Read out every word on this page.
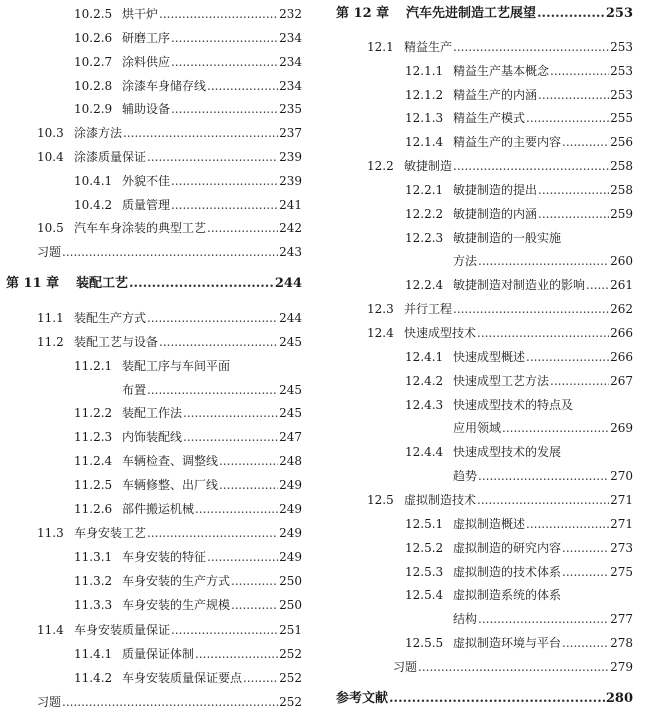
10.2.5 烘干炉 .....	232
10.2.6 研磨工序 .....	234
10.2.7 涂料供应 .....	234
10.2.8 涂漆车身储存线 .....	234
10.2.9 辅助设备 .....	235
10.3 涂漆方法 .....	237
10.4 涂漆质量保证 .....	239
10.4.1 外貌不佳 .....	239
10.4.2 质量管理 .....	241
10.5 汽车车身涂装的典型工艺 .....	242
习题 .....	243
第 11 章	装配工艺 .....	244
11.1 装配生产方式 .....	244
11.2 装配工艺与设备 .....	245
11.2.1 装配工序与车间平面
布置 .....	245
11.2.2 装配工作法 .....	245
11.2.3 内饰装配线 .....	247
11.2.4 车辆检查、调整线 .....	248
11.2.5 车辆修整、出厂线 .....	249
11.2.6 部件搬运机械 .....	249
11.3 车身安装工艺 .....	249
11.3.1 车身安装的特征 .....	249
11.3.2 车身安装的生产方式 .....	250
11.3.3 车身安装的生产规模 .....	250
11.4 车身安装质量保证 .....	251
11.4.1 质量保证体制 .....	252
11.4.2 车身安装质量保证要点 .....	252
习题 .....	252
第 12 章	汽车先进制造工艺展望 .....	253
12.1 精益生产 .....	253
12.1.1 精益生产基本概念 .....	253
12.1.2 精益生产的内涵 .....	253
12.1.3 精益生产模式 .....	255
12.1.4 精益生产的主要内容 .....	256
12.2 敏捷制造 .....	258
12.2.1 敏捷制造的提出 .....	258
12.2.2 敏捷制造的内涵 .....	259
12.2.3 敏捷制造的一般实施
方法 .....	260
12.2.4 敏捷制造对制造业的影响 ..... 261
12.3 并行工程 .....	262
12.4 快速成型技术 .....	266
12.4.1 快速成型概述 .....	266
12.4.2 快速成型工艺方法 .....	267
12.4.3 快速成型技术的特点及
应用领域 .....	269
12.4.4 快速成型技术的发展
趋势 .....	270
12.5 虚拟制造技术 .....	271
12.5.1 虚拟制造概述 .....	271
12.5.2 虚拟制造的研究内容 .....	273
12.5.3 虚拟制造的技术体系 .....	275
12.5.4 虚拟制造系统的体系
结构 .....	277
12.5.5 虚拟制造环境与平台 .....	278
习题 .....	279
参考文献 .....	280
